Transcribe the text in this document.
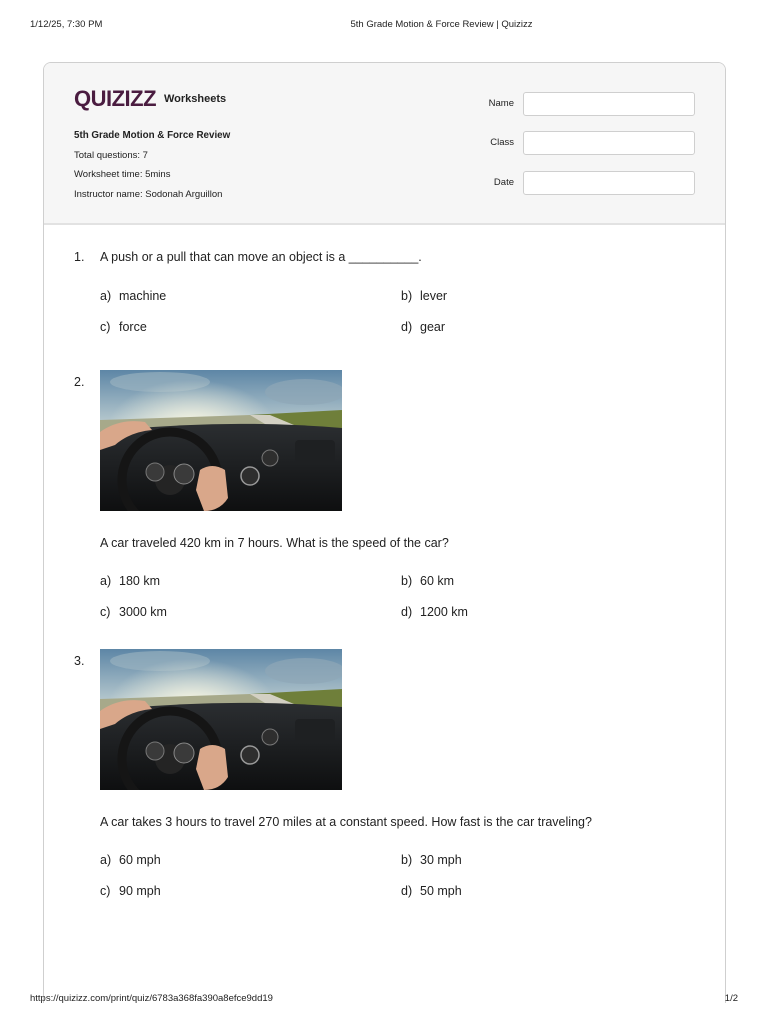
1/12/25, 7:30 PM	5th Grade Motion & Force Review | Quizizz
QUIZIZZ Worksheets
5th Grade Motion & Force Review
Total questions: 7
Worksheet time: 5mins
Instructor name: Sodonah Arguillon
Name
Class
Date
1. A push or a pull that can move an object is a __________.
a) machine	b) lever
c) force	d) gear
2.
A car traveled 420 km in 7 hours. What is the speed of the car?
a) 180 km	b) 60 km
c) 3000 km	d) 1200 km
3.
A car takes 3 hours to travel 270 miles at a constant speed. How fast is the car traveling?
a) 60 mph	b) 30 mph
c) 90 mph	d) 50 mph
https://quizizz.com/print/quiz/6783a368fa390a8efce9dd19	1/2
